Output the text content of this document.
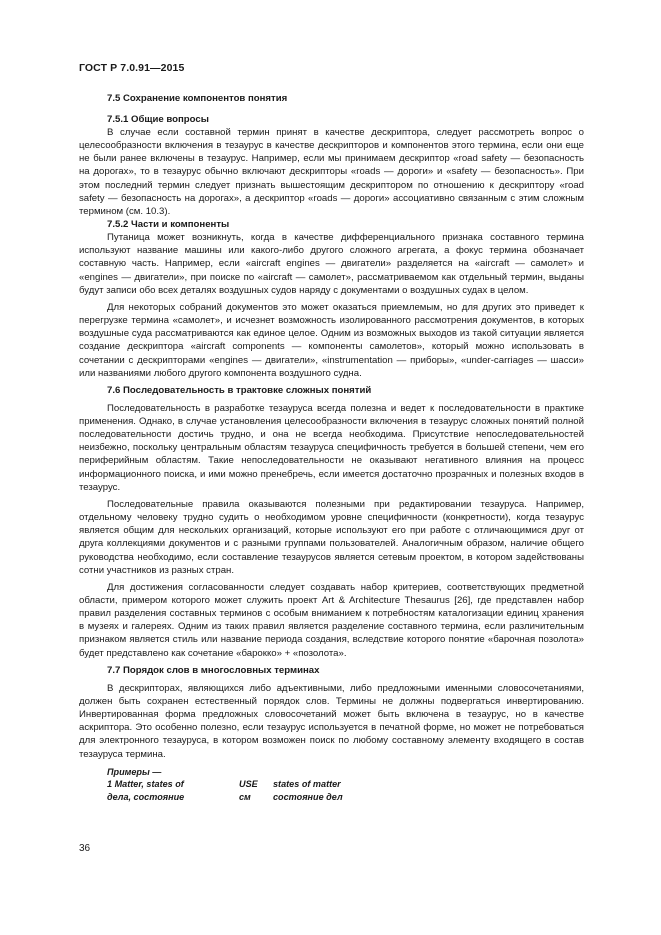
ГОСТ Р 7.0.91—2015
7.5 Сохранение компонентов понятия
7.5.1 Общие вопросы

В случае если составной термин принят в качестве дескриптора, следует рассмотреть вопрос о целесообразности включения в тезаурус в качестве дескрипторов и компонентов этого термина, если они еще не были ранее включены в тезаурус. Например, если мы принимаем дескриптор «road safety — безопасность на дорогах», то в тезаурус обычно включают дескрипторы «roads — дороги» и «safety — безопасность». При этом последний термин следует признать вышестоящим дескриптором по отношению к дескриптору «road safety — безопасность на дорогах», а дескриптор «roads — дороги» ассоциативно связанным с этим сложным термином (см. 10.3).

7.5.2 Части и компоненты

Путаница может возникнуть, когда в качестве дифференциального признака составного термина используют название машины или какого-либо другого сложного агрегата, а фокус термина обозначает составную часть. Например, если «aircraft engines — двигатели» разделяется на «aircraft — самолет» и «engines — двигатели», при поиске по «aircraft — самолет», рассматриваемом как отдельный термин, выданы будут записи обо всех деталях воздушных судов наряду с документами о воздушных судах в целом.

Для некоторых собраний документов это может оказаться приемлемым, но для других это приведет к перегрузке термина «самолет», и исчезнет возможность изолированного рассмотрения документов, в которых воздушные суда рассматриваются как единое целое. Одним из возможных выходов из такой ситуации является создание дескриптора «aircraft components — компоненты самолетов», который можно использовать в сочетании с дескрипторами «engines — двигатели», «instrumentation — приборы», «under-carriages — шасси» или названиями любого другого компонента воздушного судна.

7.6 Последовательность в трактовке сложных понятий

Последовательность в разработке тезауруса всегда полезна и ведет к последовательности в практике применения. Однако, в случае установления целесообразности включения в тезаурус сложных понятий полной последовательности достичь трудно, и она не всегда необходима. Присутствие непоследовательностей неизбежно, поскольку центральным областям тезауруса специфичность требуется в большей степени, чем его периферийным областям. Такие непоследовательности не оказывают негативного влияния на процесс информационного поиска, и ими можно пренебречь, если имеется достаточно прозрачных и полезных входов в тезаурус.

Последовательные правила оказываются полезными при редактировании тезауруса. Например, отдельному человеку трудно судить о необходимом уровне специфичности (конкретности), когда тезаурус является общим для нескольких организаций, которые используют его при работе с отличающимися друг от друга коллекциями документов и с разными группами пользователей. Аналогичным образом, наличие общего руководства необходимо, если составление тезаурусов является сетевым проектом, в котором задействованы сотни участников из разных стран.

Для достижения согласованности следует создавать набор критериев, соответствующих предметной области, примером которого может служить проект Art & Architecture Thesaurus [26], где представлен набор правил разделения составных терминов с особым вниманием к потребностям каталогизации единиц хранения в музеях и галереях. Одним из таких правил является разделение составного термина, если различительным признаком является стиль или название периода создания, вследствие которого понятие «барочная позолота» будет представлено как сочетание «барокко» + «позолота».

7.7 Порядок слов в многословных терминах

В дескрипторах, являющихся либо адъективными, либо предложными именными словосочетаниями, должен быть сохранен естественный порядок слов. Термины не должны подвергаться инвертированию. Инвертированная форма предложных словосочетаний может быть включена в тезаурус, но в качестве аскриптора. Это особенно полезно, если тезаурус используется в печатной форме, но может не потребоваться для электронного тезауруса, в котором возможен поиск по любому составному элементу входящего в состав тезауруса термина.

Примеры —
1 Matter, states of	USE	states of matter
дела, состояние	см	состояние дел
36
